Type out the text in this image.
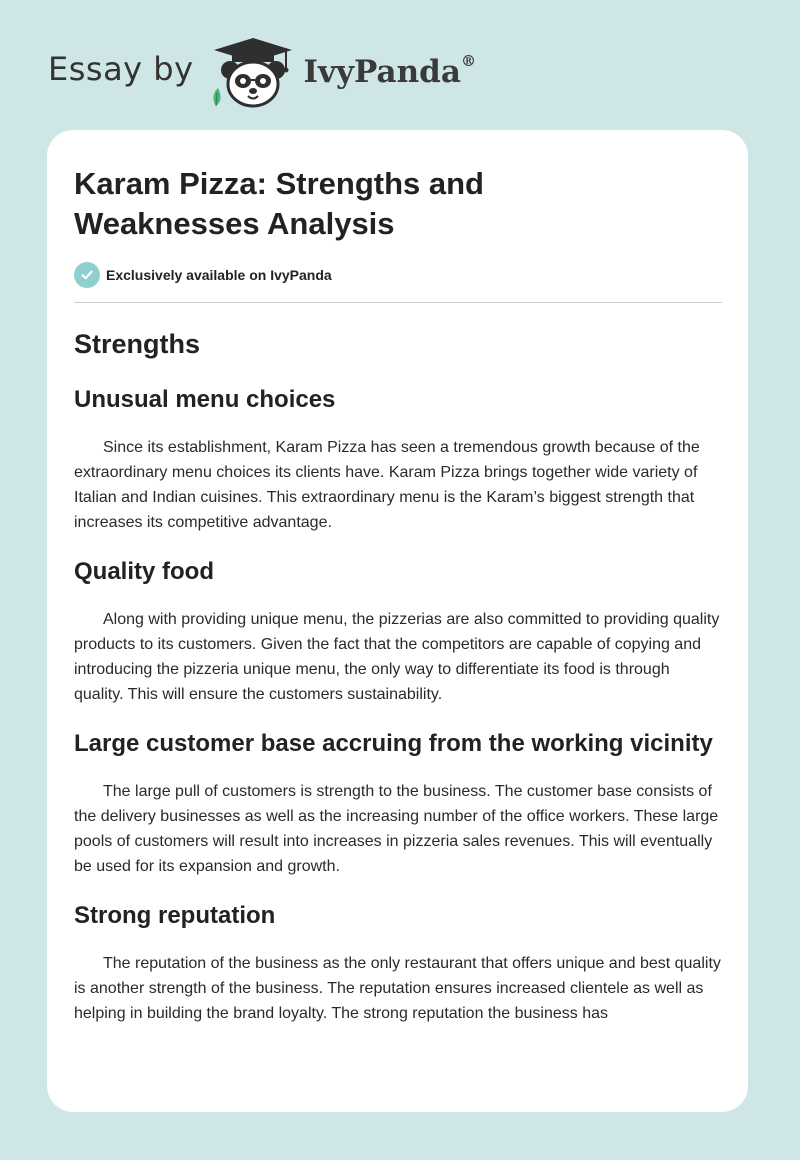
Essay by	IvyPanda®
Karam Pizza: Strengths and Weaknesses Analysis
Exclusively available on IvyPanda
Strengths
Unusual menu choices

Since its establishment, Karam Pizza has seen a tremendous growth because of the extraordinary menu choices its clients have. Karam Pizza brings together wide variety of Italian and Indian cuisines. This extraordinary menu is the Karam’s biggest strength that increases its competitive advantage.

Quality food

Along with providing unique menu, the pizzerias are also committed to providing quality products to its customers. Given the fact that the competitors are capable of copying and introducing the pizzeria unique menu, the only way to differentiate its food is through quality. This will ensure the customers sustainability.

Large customer base accruing from the working vicinity

The large pull of customers is strength to the business. The customer base consists of the delivery businesses as well as the increasing number of the office workers. These large pools of customers will result into increases in pizzeria sales revenues. This will eventually be used for its expansion and growth.

Strong reputation

The reputation of the business as the only restaurant that offers unique and best quality is another strength of the business. The reputation ensures increased clientele as well as helping in building the brand loyalty. The strong reputation the business has
